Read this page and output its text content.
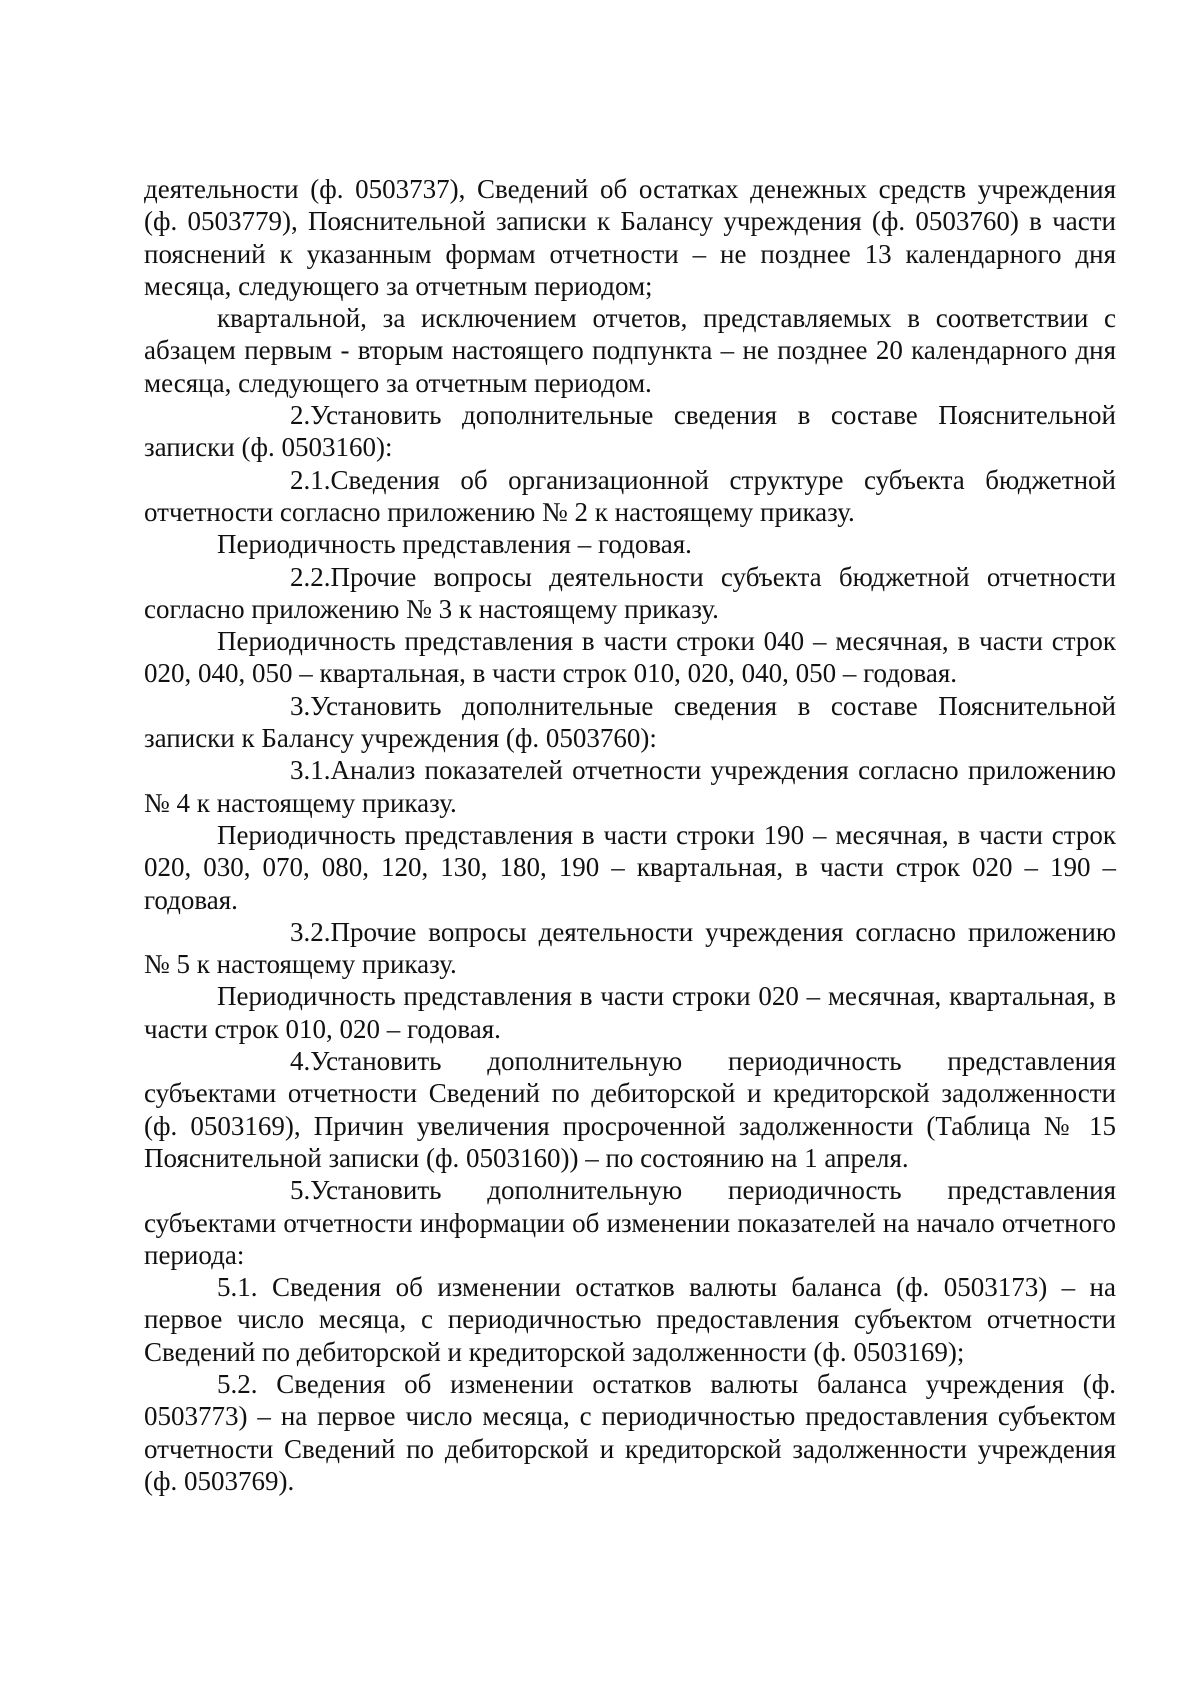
деятельности (ф. 0503737), Сведений об остатках денежных средств учреждения (ф. 0503779), Пояснительной записки к Балансу учреждения (ф. 0503760) в части пояснений к указанным формам отчетности – не позднее 13 календарного дня месяца, следующего за отчетным периодом;

квартальной, за исключением отчетов, представляемых в соответствии с абзацем первым - вторым настоящего подпункта – не позднее 20 календарного дня месяца, следующего за отчетным периодом.

2.Установить дополнительные сведения в составе Пояснительной записки (ф. 0503160):

2.1.Сведения об организационной структуре субъекта бюджетной отчетности согласно приложению № 2 к настоящему приказу.

Периодичность представления – годовая.

2.2.Прочие вопросы деятельности субъекта бюджетной отчетности согласно приложению № 3 к настоящему приказу.

Периодичность представления в части строки 040 – месячная, в части строк 020, 040, 050 – квартальная, в части строк 010, 020, 040, 050 – годовая.

3.Установить дополнительные сведения в составе Пояснительной записки к Балансу учреждения (ф. 0503760):

3.1.Анализ показателей отчетности учреждения согласно приложению № 4 к настоящему приказу.

Периодичность представления в части строки 190 – месячная, в части строк 020, 030, 070, 080, 120, 130, 180, 190 – квартальная, в части строк 020 – 190 –годовая.

3.2.Прочие вопросы деятельности учреждения согласно приложению № 5 к настоящему приказу.

Периодичность представления в части строки 020 – месячная, квартальная, в части строк 010, 020 – годовая.

4.Установить дополнительную периодичность представления субъектами отчетности Сведений по дебиторской и кредиторской задолженности (ф. 0503169), Причин увеличения просроченной задолженности (Таблица № 15 Пояснительной записки (ф. 0503160)) – по состоянию на 1 апреля.

5.Установить дополнительную периодичность представления субъектами отчетности информации об изменении показателей на начало отчетного периода:

5.1. Сведения об изменении остатков валюты баланса (ф. 0503173) – на первое число месяца, с периодичностью предоставления субъектом отчетности Сведений по дебиторской и кредиторской задолженности (ф. 0503169);

5.2. Сведения об изменении остатков валюты баланса учреждения (ф. 0503773) – на первое число месяца, с периодичностью предоставления субъектом отчетности Сведений по дебиторской и кредиторской задолженности учреждения (ф. 0503769).
